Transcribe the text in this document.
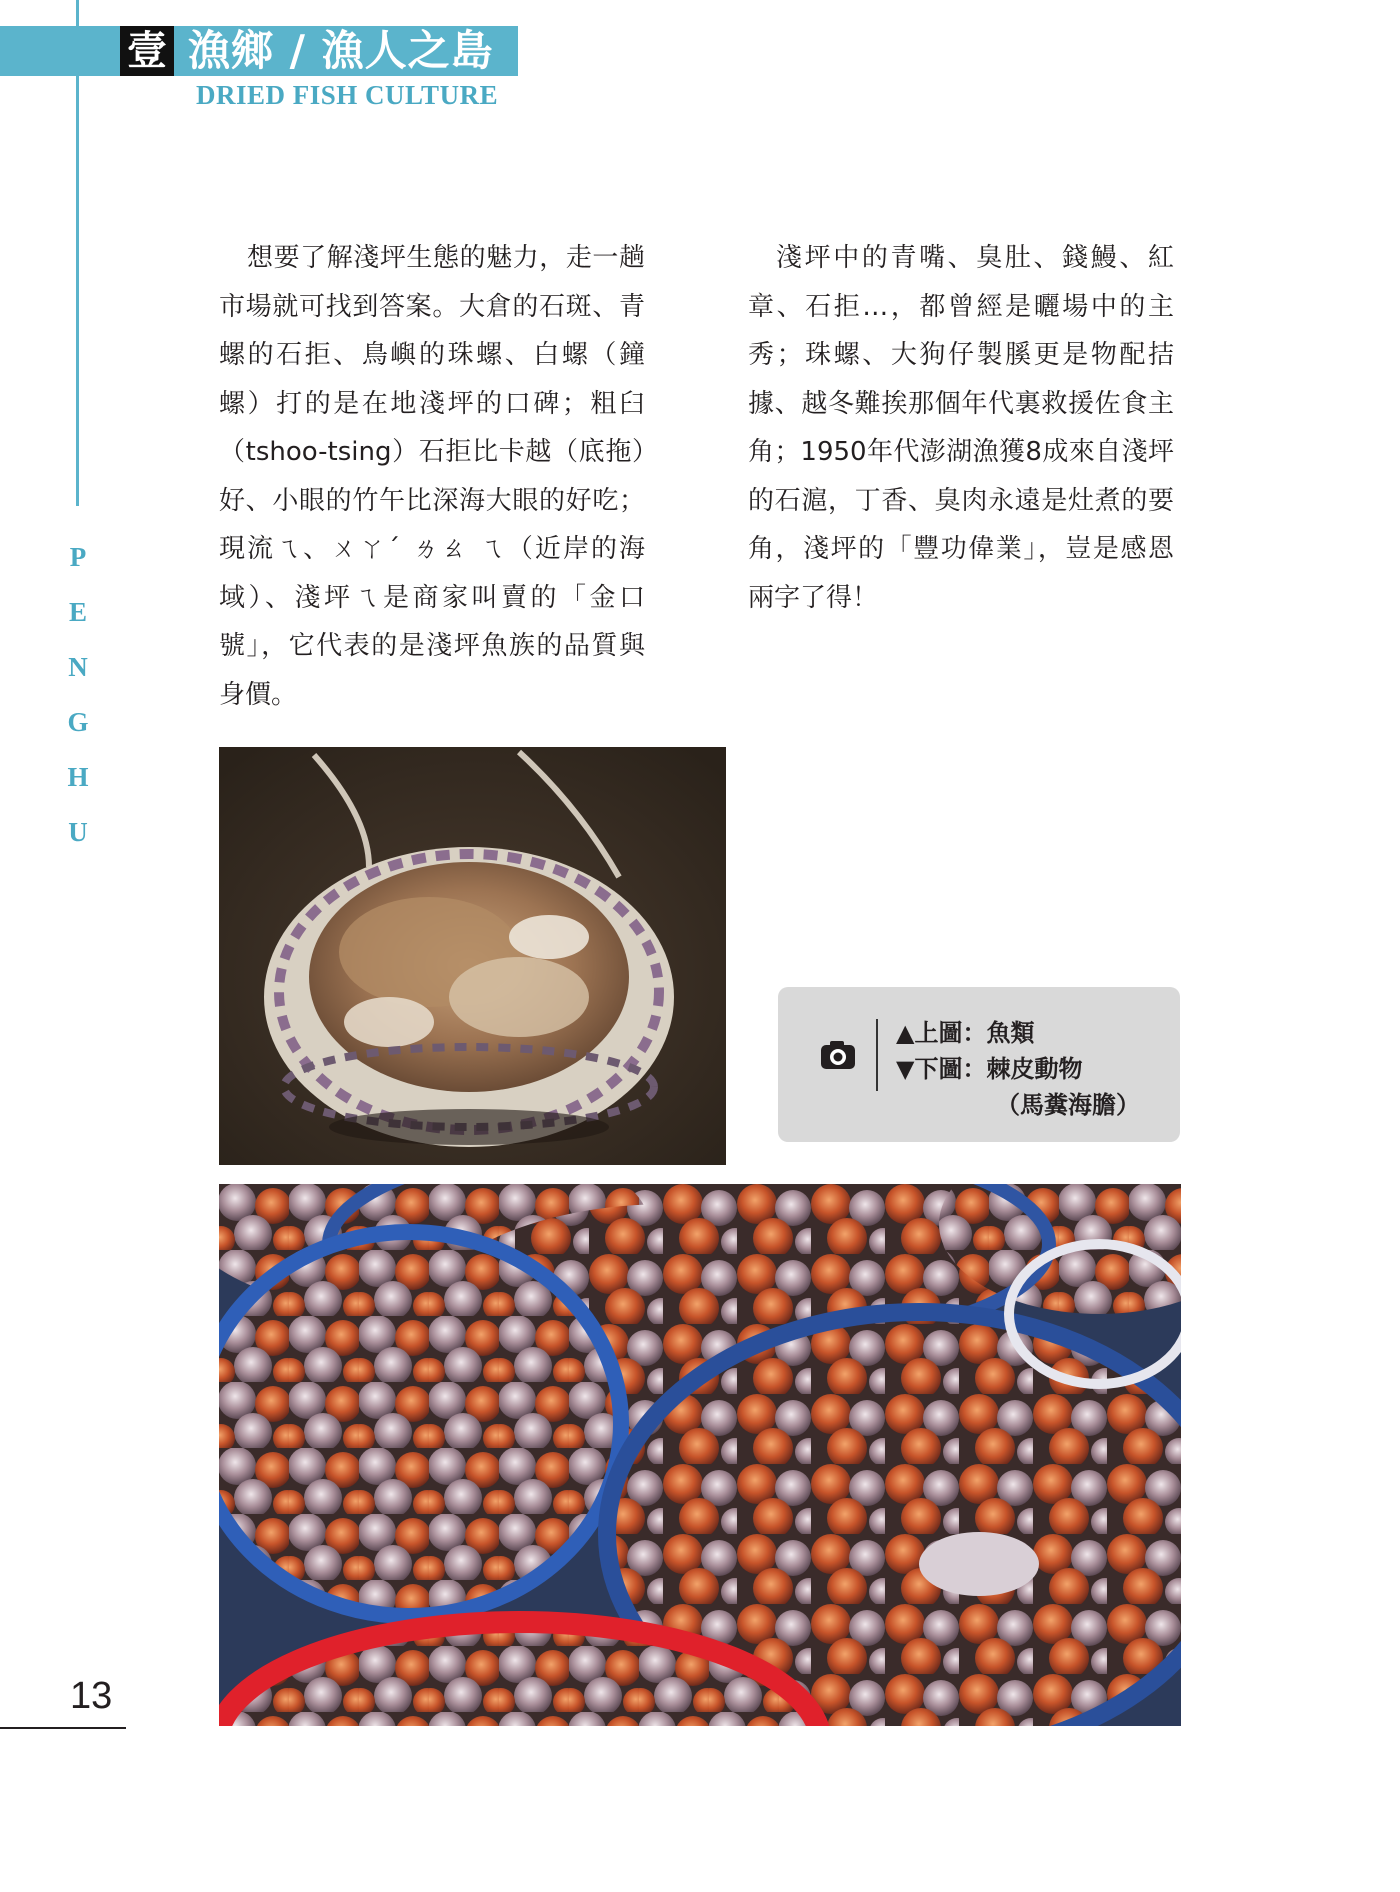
壹 漁鄉 / 漁人之島
DRIED FISH CULTURE
P
E
N
G
H
U

想要了解淺坪生態的魅力，走一趟市場就可找到答案。大倉的石斑、青螺的石拒、鳥嶼的珠螺、白螺（鐘螺）打的是在地淺坪的口碑；粗臼（tshoo-tsing）石拒比卡越（底拖）好、小眼的竹午比深海大眼的好吃；現流ㄟ、ㄨㄚˊ ㄌㄠ ㄟ（近岸的海域）、淺坪ㄟ是商家叫賣的「金口號」，它代表的是淺坪魚族的品質與身價。

淺坪中的青嘴、臭肚、錢鰻、紅章、石拒…，都曾經是曬場中的主秀；珠螺、大狗仔製膎更是物配拮據、越冬難挨那個年代裏救援佐食主角；1950年代澎湖漁獲8成來自淺坪的石滬，丁香、臭肉永遠是灶煮的要角，淺坪的「豐功偉業」，豈是感恩兩字了得！

▲上圖：魚類
▼下圖：棘皮動物
（馬糞海膽）
13
